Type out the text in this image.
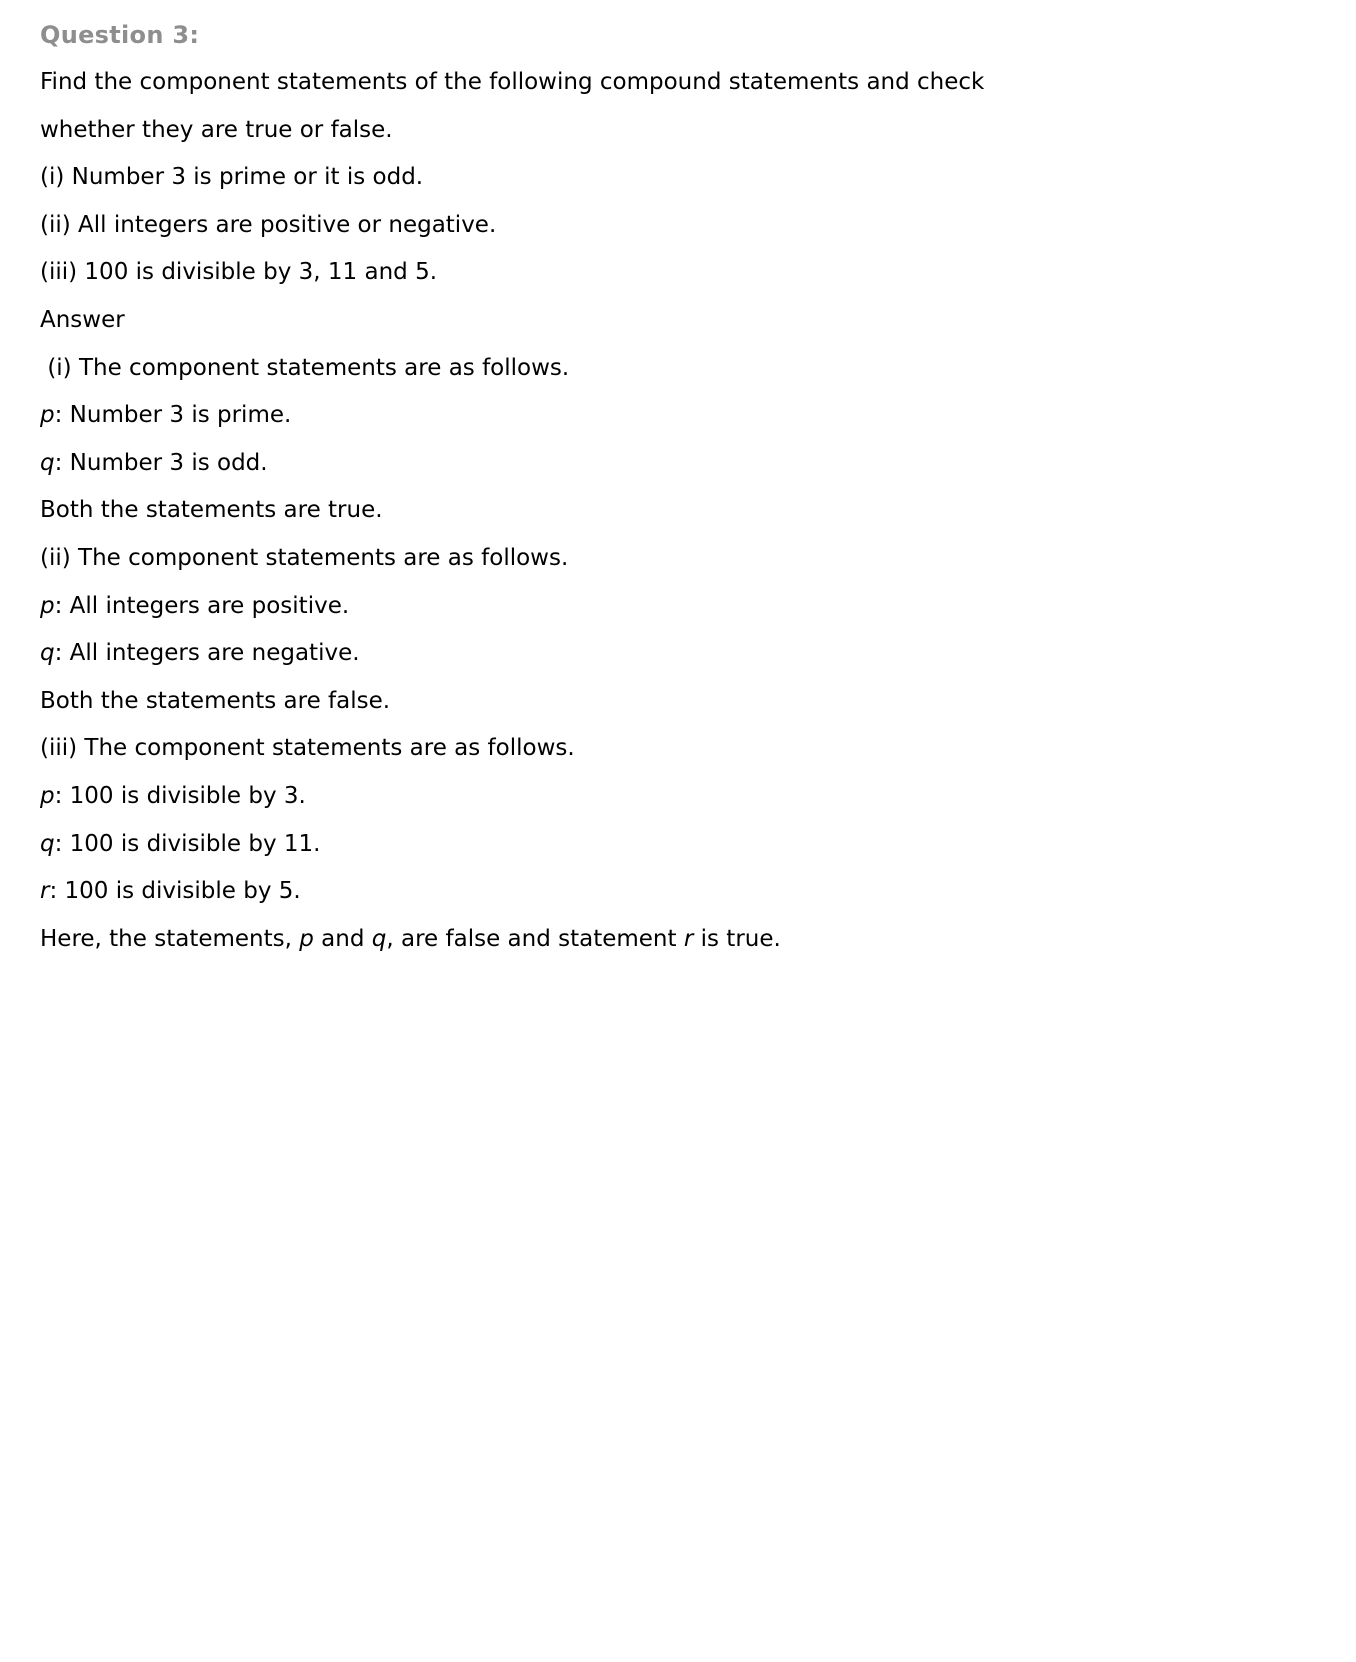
Question 3:
Find the component statements of the following compound statements and check
whether they are true or false.
(i) Number 3 is prime or it is odd.
(ii) All integers are positive or negative.
(iii) 100 is divisible by 3, 11 and 5.
Answer
(i) The component statements are as follows.
p: Number 3 is prime.
q: Number 3 is odd.
Both the statements are true.
(ii) The component statements are as follows.
p: All integers are positive.
q: All integers are negative.
Both the statements are false.
(iii) The component statements are as follows.
p: 100 is divisible by 3.
q: 100 is divisible by 11.
r: 100 is divisible by 5.
Here, the statements, p and q, are false and statement r is true.
